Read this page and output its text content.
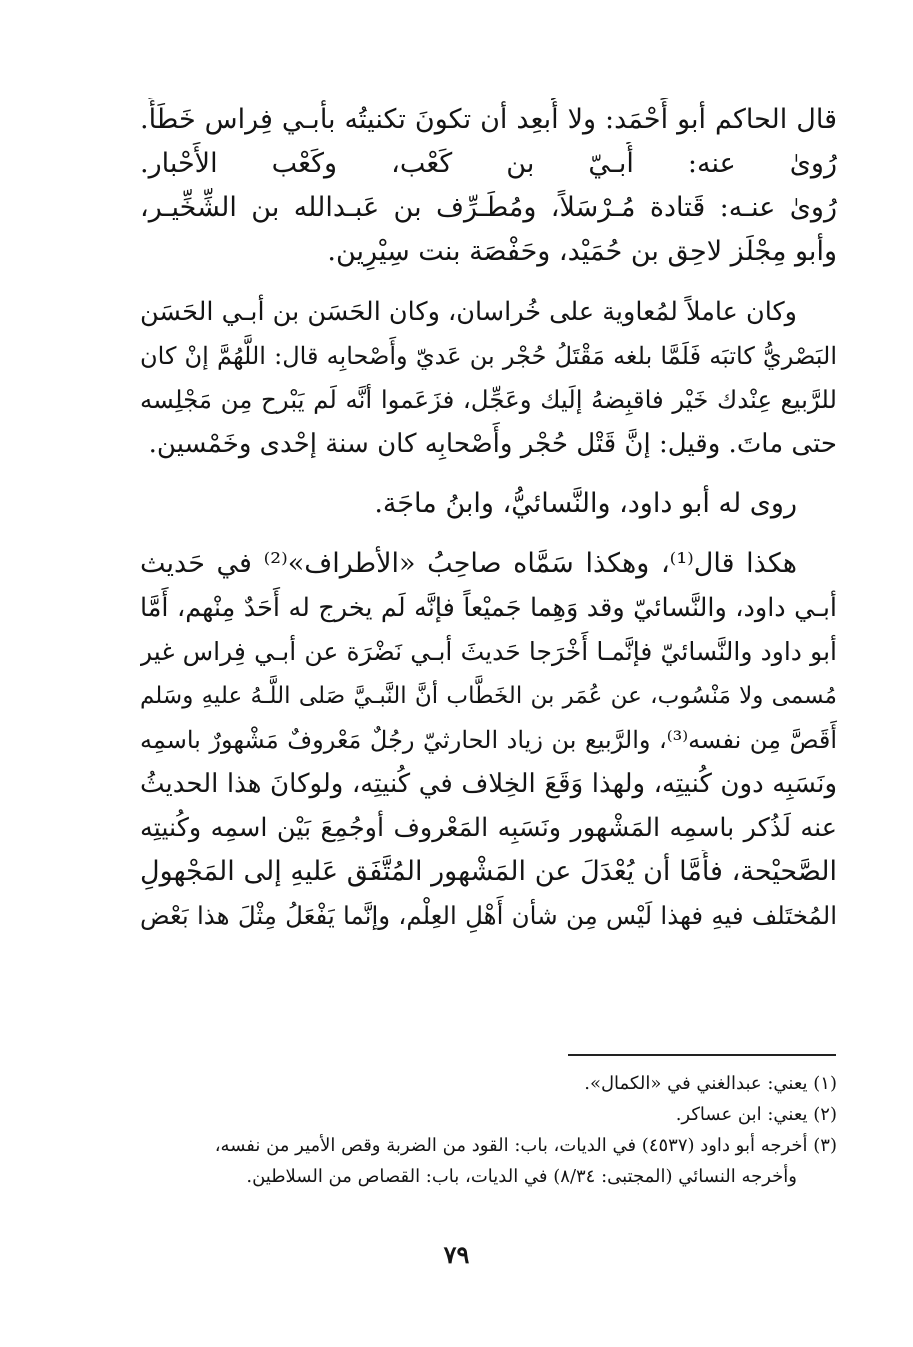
قال الحاكم أبو أَحْمَد: ولا أُبعِد أن تكونَ تكنيتُه بأبـي فِراس خَطَأً.
رُوىٰ عنه: أُبـيّ بن كَعْب، وكَعْب الأَحْبار.
رُوىٰ عنـه: قَتادة مُـرْسَلاً، ومُطَـرِّف بن عَبـدالله بن الشِّخِّيـر،
وأبو مِجْلَز لاحِق بن حُمَيْد، وحَفْصَة بنت سِيْرِين.
وكان عاملاً لمُعاوية على خُراسان، وكان الحَسَن بن أبـي الحَسَن
البَصْريُّ كاتبَه فَلَمَّا بلغه مَقْتَلُ حُجْر بن عَديّ وأَصْحابِه قال: اللَّهُمَّ إنْ كان
للرَّبيع عِنْدك خَيْر فاقبِضهُ إلَيك وعَجِّل، فزَعَموا أنَّه لَم يَبْرح مِن مَجْلِسه
حتى ماتَ. وقيل: إنَّ قَتْل حُجْر وأَصْحابِه كان سنة إحْدى وخَمْسين.
روى له أبو داود، والنَّسائيُّ، وابنُ ماجَة.
هكذا قال⁽¹⁾، وهكذا سَمَّاه صاحِبُ «الأطراف»⁽²⁾ في حَديث
أبـي داود، والنَّسائيّ وقد وَهِما جَميْعاً فإنَّه لَم يخرج له أَحَدٌ مِنْهم، أَمَّا
أبو داود والنَّسائيّ فإنَّمـا أَخْرَجا حَديثَ أبـي نَضْرَة عن أبـي فِراس غير
مُسمى ولا مَنْسُوب، عن عُمَر بن الخَطَّاب أنَّ النَّبـيَّ صَلى اللَّـهُ عليهِ وسَلم
أَقَصَّ مِن نفسه⁽³⁾، والرَّبيع بن زياد الحارثيّ رجُلٌ مَعْروفٌ مَشْهورٌ باسمِه
ونَسَبِه دون كُنيتِه، ولهذا وَقَعَ الخِلاف في كُنيتِه، ولوكانَ هذا الحديثُ
عنه لَذُكر باسمِه المَشْهور ونَسَبِه المَعْروف أوجُمِعَ بَيْن اسمِه وكُنيتِه
الصَّحيْحة، فأَمَّا أن يُعْدَلَ عن المَشْهور المُتَّفَق عَليهِ إلى المَجْهولِ
المُختَلف فيهِ فهذا لَيْس مِن شأن أَهْلِ العِلْم، وإنَّما يَفْعَلُ مِثْلَ هذا بَعْض
(١) يعني: عبدالغني في «الكمال».
(٢) يعني: ابن عساكر.
(٣) أخرجه أبو داود (٤٥٣٧) في الديات، باب: القود من الضربة وقص الأمير من نفسه،
وأخرجه النسائي (المجتبى: ٨/٣٤) في الديات، باب: القصاص من السلاطين.
٧٩
